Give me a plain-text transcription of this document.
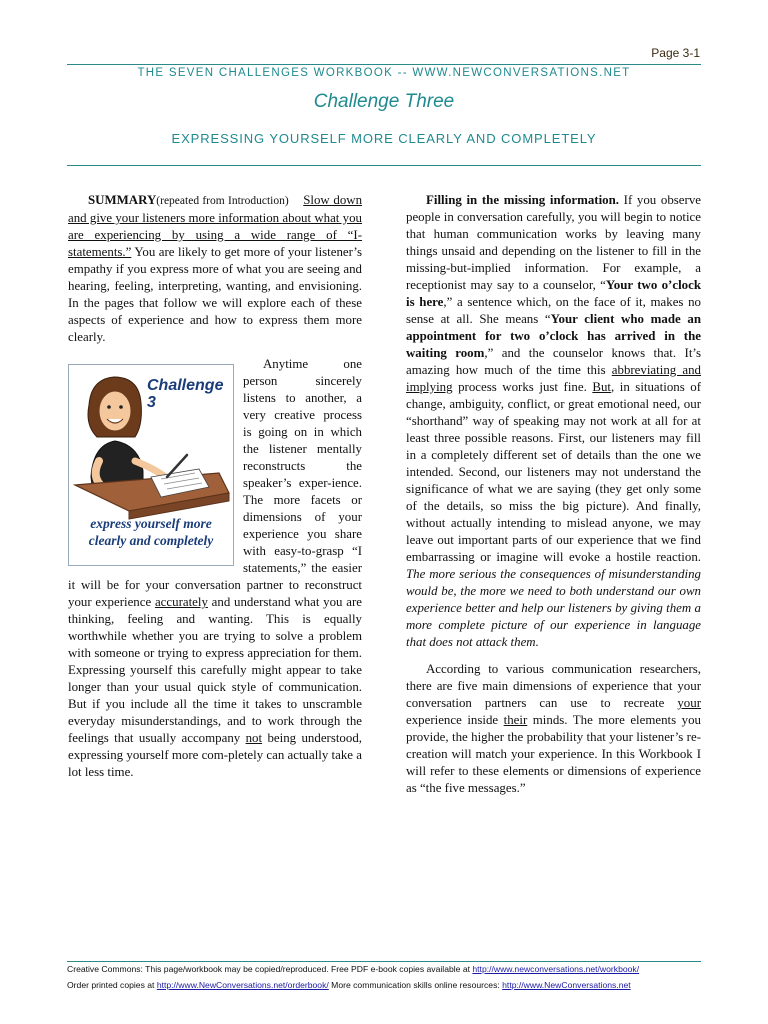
Page 3-1
THE SEVEN CHALLENGES WORKBOOK -- WWW.NEWCONVERSATIONS.NET
Challenge Three
EXPRESSING YOURSELF MORE CLEARLY AND COMPLETELY

SUMMARY(repeated from Introduction) Slow down and give your listeners more information about what you are experiencing by using a wide range of “I-statements.” You are likely to get more of your listener’s empathy if you express more of what you are seeing and hearing, feeling, interpreting, wanting, and envisioning. In the pages that follow we will explore each of these aspects of experience and how to express them more clearly.

Challenge 3
express yourself more
clearly and completely

Anytime one person sincerely listens to another, a very creative process is going on in which the listener mentally reconstructs the speaker’s exper-ience. The more facets or dimensions of your experience you share with easy-to-grasp “I statements,” the easier it will be for your conversation partner to reconstruct your experience accurately and understand what you are thinking, feeling and wanting. This is equally worthwhile whether you are trying to solve a problem with someone or trying to express appreciation for them. Expressing yourself this carefully might appear to take longer than your usual quick style of communication. But if you include all the time it takes to unscramble everyday misunderstandings, and to work through the feelings that usually accompany not being understood, expressing yourself more com-pletely can actually take a lot less time.

Filling in the missing information. If you observe people in conversation carefully, you will begin to notice that human communication works by leaving many things unsaid and depending on the listener to fill in the missing-but-implied information. For example, a receptionist may say to a counselor, “Your two o’clock is here,” a sentence which, on the face of it, makes no sense at all. She means “Your client who made an appointment for two o’clock has arrived in the waiting room,” and the counselor knows that. It’s amazing how much of the time this abbreviating and implying process works just fine. But, in situations of change, ambiguity, conflict, or great emotional need, our “shorthand” way of speaking may not work at all for at least three possible reasons. First, our listeners may fill in a completely different set of details than the one we intended. Second, our listeners may not understand the significance of what we are saying (they get only some of the details, so miss the big picture). And finally, without actually intending to mislead anyone, we may leave out important parts of our experience that we find embarrassing or imagine will evoke a hostile reaction. The more serious the consequences of misunderstanding would be, the more we need to both understand our own experience better and help our listeners by giving them a more complete picture of our experience in language that does not attack them.

According to various communication researchers, there are five main dimensions of experience that your conversation partners can use to recreate your experience inside their minds. The more elements you provide, the higher the probability that your listener’s re-creation will match your experience. In this Workbook I will refer to these elements or dimensions of experience as “the five messages.”

Creative Commons: This page/workbook may be copied/reproduced. Free PDF e-book copies available at http://www.newconversations.net/workbook/
Order printed copies at http://www.NewConversations.net/orderbook/ More communication skills online resources: http://www.NewConversations.net
